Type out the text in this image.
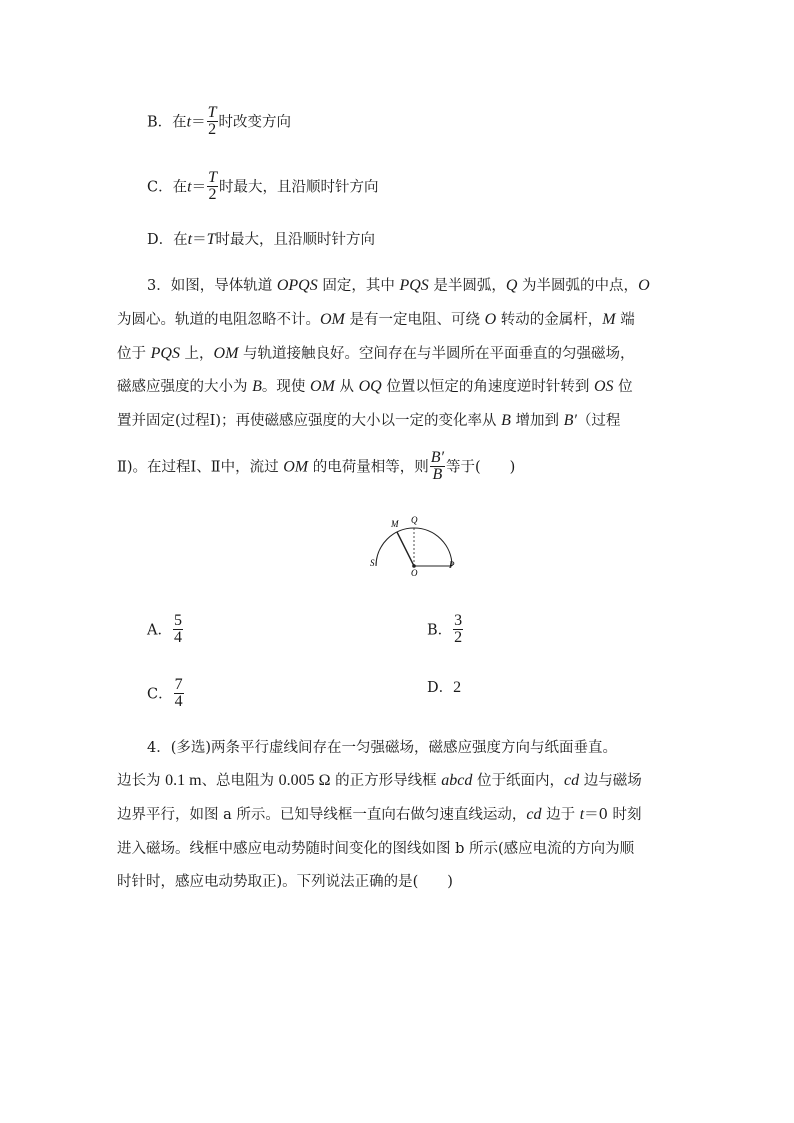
B．在$t= \frac{T}{2}$ 时改变方向
C．在$t= \frac{T}{2}$ 时最大，且沿顺时针方向
D．在t＝T时最大，且沿顺时针方向
3．如图，导体轨道 OPQS 固定，其中 PQS 是半圆弧，Q 为半圆弧的中点，O
为圆心。轨道的电阻忽略不计。OM 是有一定电阻、可绕 O 转动的金属杆，M 端
位于 PQS 上，OM 与轨道接触良好。空间存在与半圆所在平面垂直的匀强磁场，
磁感应强度的大小为 B。现使 OM 从 OQ 位置以恒定的角速度逆时针转到 OS 位
置并固定(过程Ⅰ)；再使磁感应强度的大小以一定的变化率从 B 增加到 B′（过程
Ⅱ)。在过程Ⅰ、Ⅱ中，流过 OM 的电荷量相等，则 $\frac{B'}{B}$ 等于(　　)
M Q
S
O
P
A． $\frac{5}{4}$	B． $\frac{3}{2}$
C． $\frac{7}{4}$	D．2
4．(多选)两条平行虚线间存在一匀强磁场，磁感应强度方向与纸面垂直。
边长为 0.1 m、总电阻为 0.005 Ω 的正方形导线框 abcd 位于纸面内，cd 边与磁场
边界平行，如图 a 所示。已知导线框一直向右做匀速直线运动，cd 边于 t＝0 时刻
进入磁场。线框中感应电动势随时间变化的图线如图 b 所示(感应电流的方向为顺
时针时，感应电动势取正)。下列说法正确的是(　　)
